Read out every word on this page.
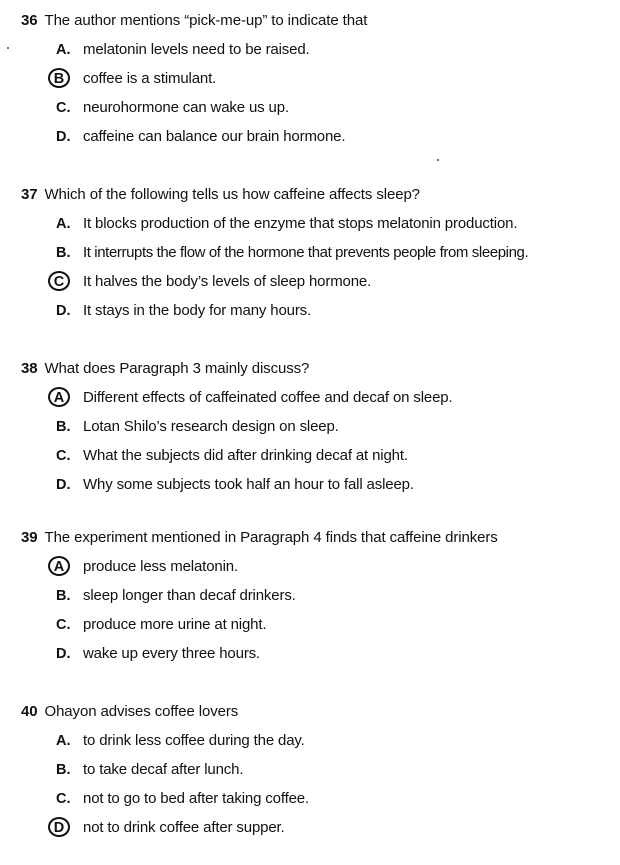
36 The author mentions “pick-me-up” to indicate that
A .	melatonin levels need to be raised.
B coffee is a stimulant.
C .	neurohormone can wake us up.
D .	caffeine can balance our brain hormone.
37 Which of the following tells us how caffeine affects sleep?
A .	It blocks production of the enzyme that stops melatonin production.
B .	It interrupts the flow of the hormone that prevents people from sleeping.
C It halves the body’s levels of sleep hormone.
D .	It stays in the body for many hours.
38 What does Paragraph 3 mainly discuss?
A Different effects of caffeinated coffee and decaf on sleep.
B .	Lotan Shilo’s research design on sleep.
C .	What the subjects did after drinking decaf at night.
D .	Why some subjects took half an hour to fall asleep.
39 The experiment mentioned in Paragraph 4 finds that caffeine drinkers
A produce less melatonin.
B .	sleep longer than decaf drinkers.
C .	produce more urine at night.
D .	wake up every three hours.
40 Ohayon advises coffee lovers
A .	to drink less coffee during the day.
B .	to take decaf after lunch.
C .	not to go to bed after taking coffee.
D not to drink coffee after supper.
